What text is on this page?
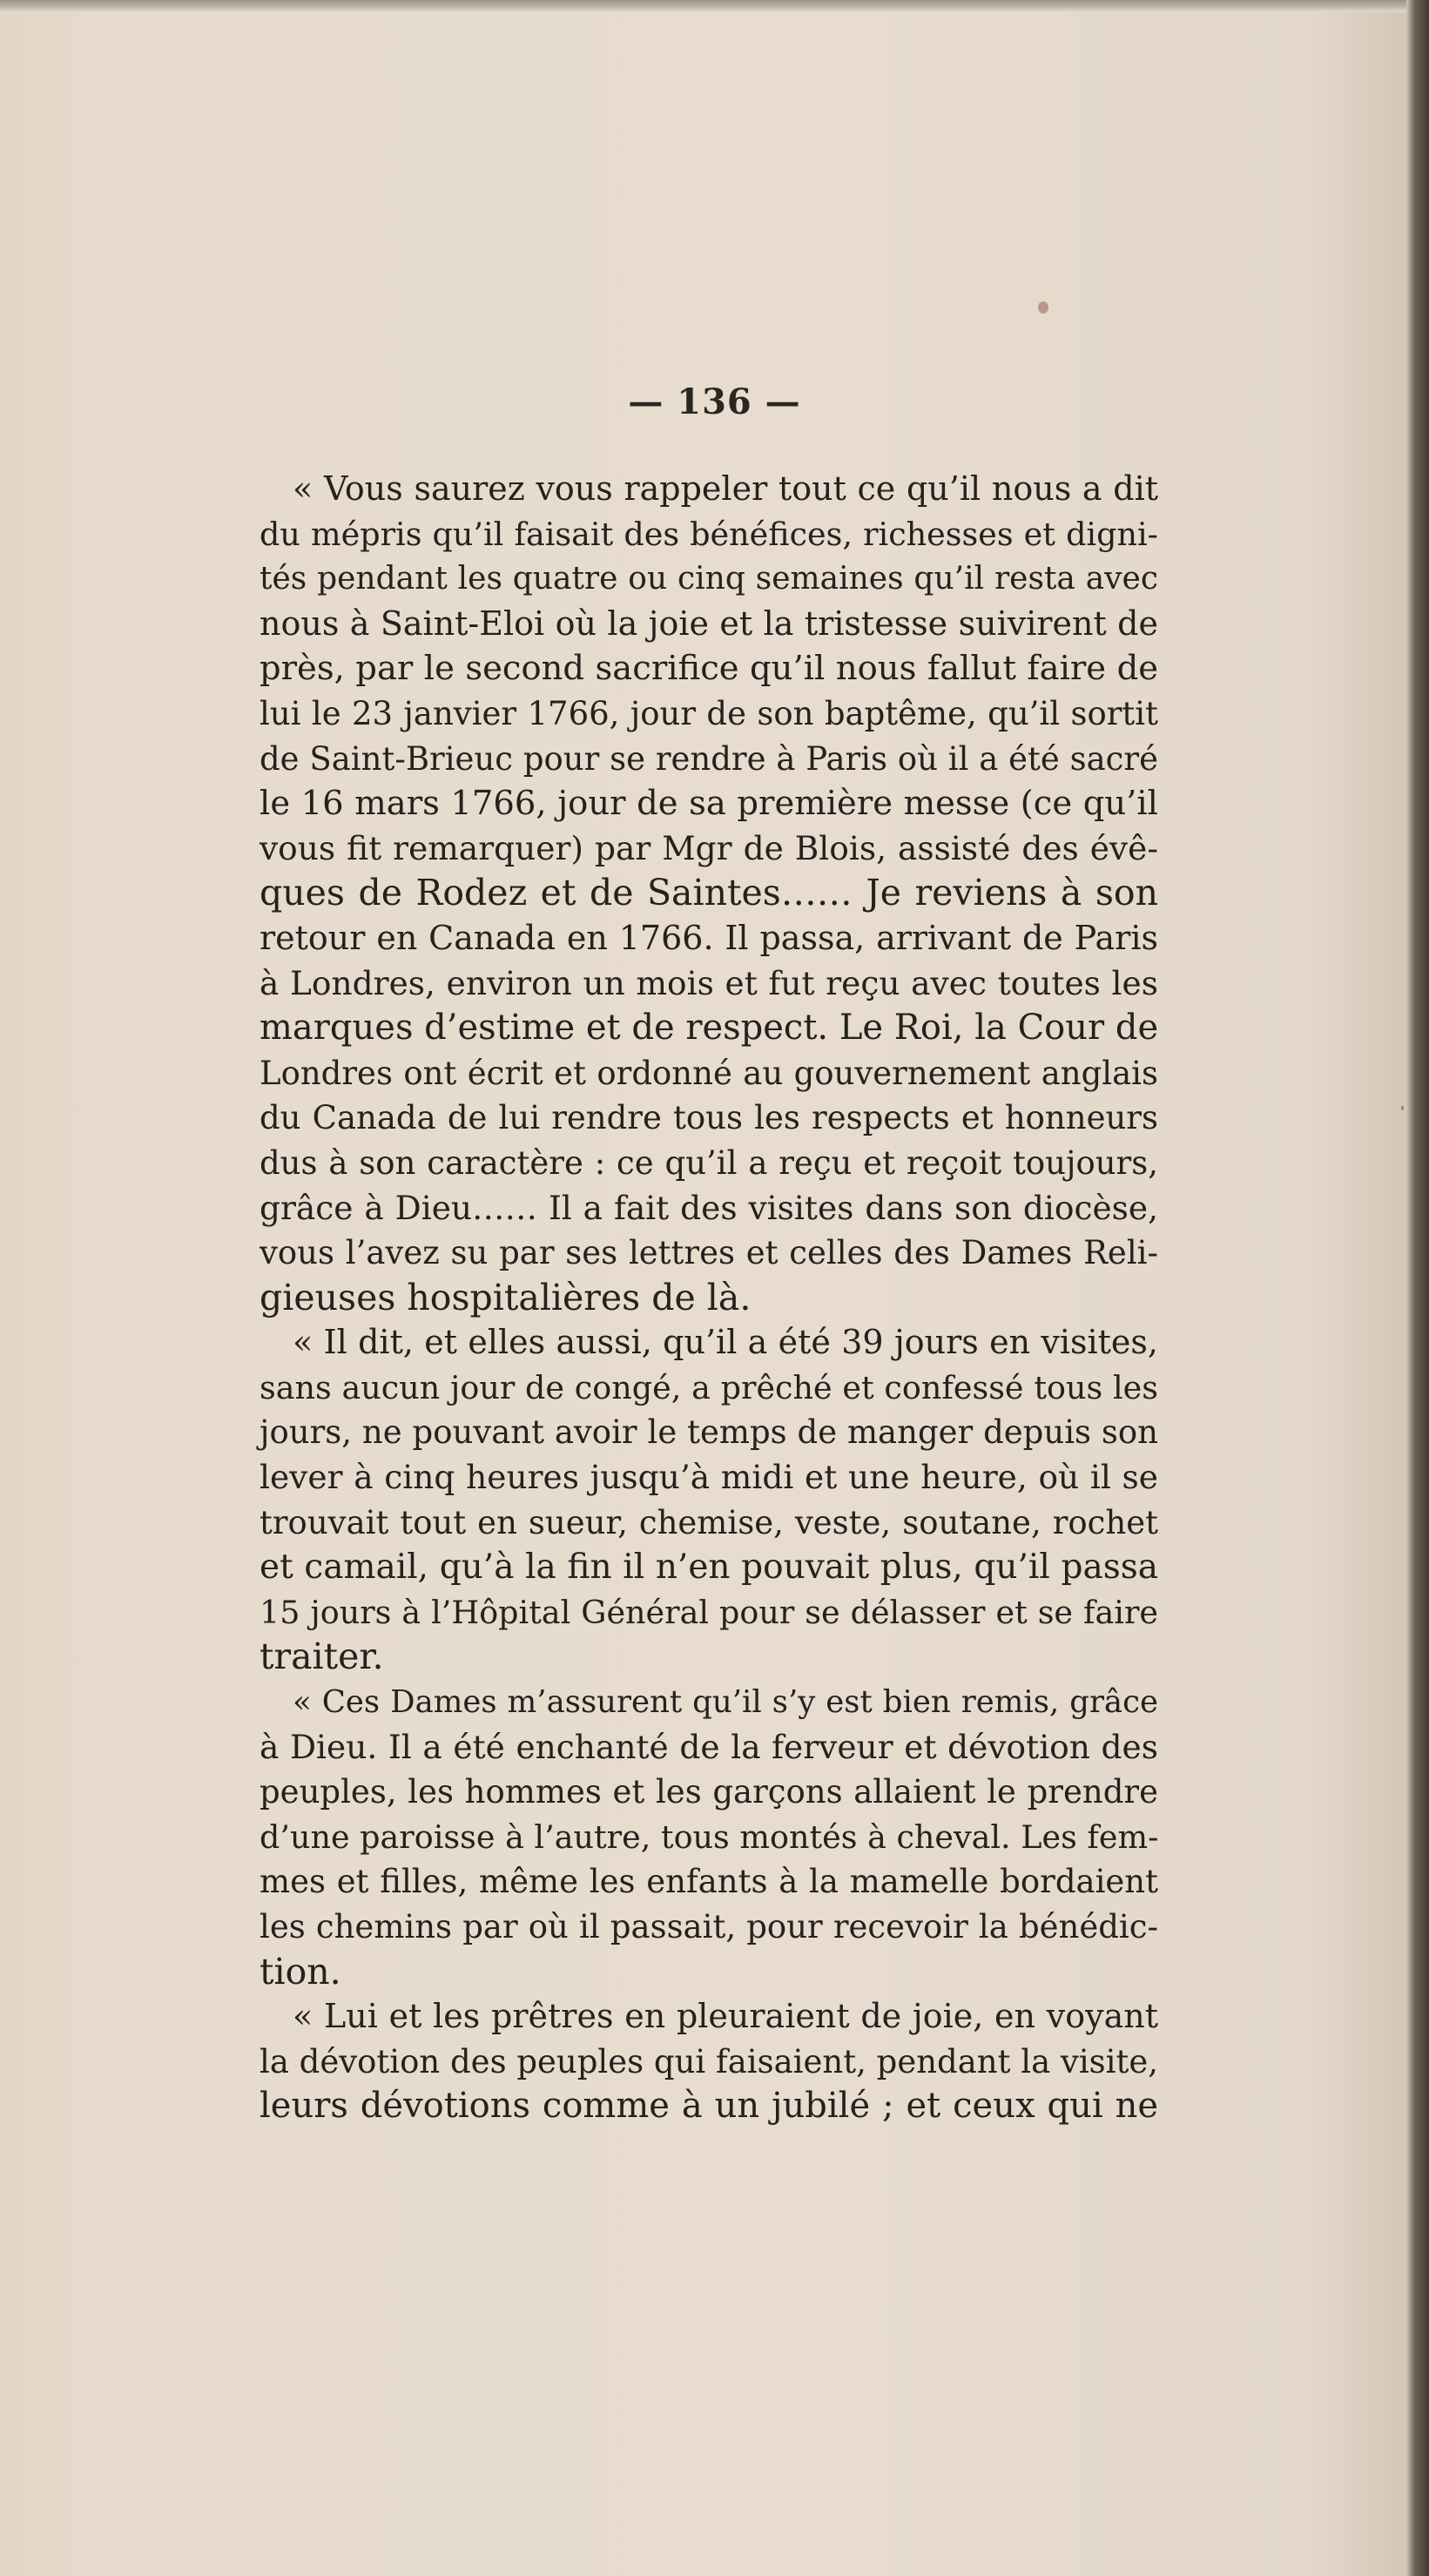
— 136 —
« Vous saurez vous rappeler tout ce qu’il nous a dit
du mépris qu’il faisait des bénéfices, richesses et digni-
tés pendant les quatre ou cinq semaines qu’il resta avec
nous à Saint-Eloi où la joie et la tristesse suivirent de
près, par le second sacrifice qu’il nous fallut faire de
lui le 23 janvier 1766, jour de son baptême, qu’il sortit
de Saint-Brieuc pour se rendre à Paris où il a été sacré
le 16 mars 1766, jour de sa première messe (ce qu’il
vous fit remarquer) par Mgr de Blois, assisté des évê-
ques de Rodez et de Saintes…… Je reviens à son
retour en Canada en 1766. Il passa, arrivant de Paris
à Londres, environ un mois et fut reçu avec toutes les
marques d’estime et de respect. Le Roi, la Cour de
Londres ont écrit et ordonné au gouvernement anglais
du Canada de lui rendre tous les respects et honneurs
dus à son caractère : ce qu’il a reçu et reçoit toujours,
grâce à Dieu…… Il a fait des visites dans son diocèse,
vous l’avez su par ses lettres et celles des Dames Reli-
gieuses hospitalières de là.
« Il dit, et elles aussi, qu’il a été 39 jours en visites,
sans aucun jour de congé, a prêché et confessé tous les
jours, ne pouvant avoir le temps de manger depuis son
lever à cinq heures jusqu’à midi et une heure, où il se
trouvait tout en sueur, chemise, veste, soutane, rochet
et camail, qu’à la fin il n’en pouvait plus, qu’il passa
15 jours à l’Hôpital Général pour se délasser et se faire
traiter.
« Ces Dames m’assurent qu’il s’y est bien remis, grâce
à Dieu. Il a été enchanté de la ferveur et dévotion des
peuples, les hommes et les garçons allaient le prendre
d’une paroisse à l’autre, tous montés à cheval. Les fem-
mes et filles, même les enfants à la mamelle bordaient
les chemins par où il passait, pour recevoir la bénédic-
tion.
« Lui et les prêtres en pleuraient de joie, en voyant
la dévotion des peuples qui faisaient, pendant la visite,
leurs dévotions comme à un jubilé ; et ceux qui ne
